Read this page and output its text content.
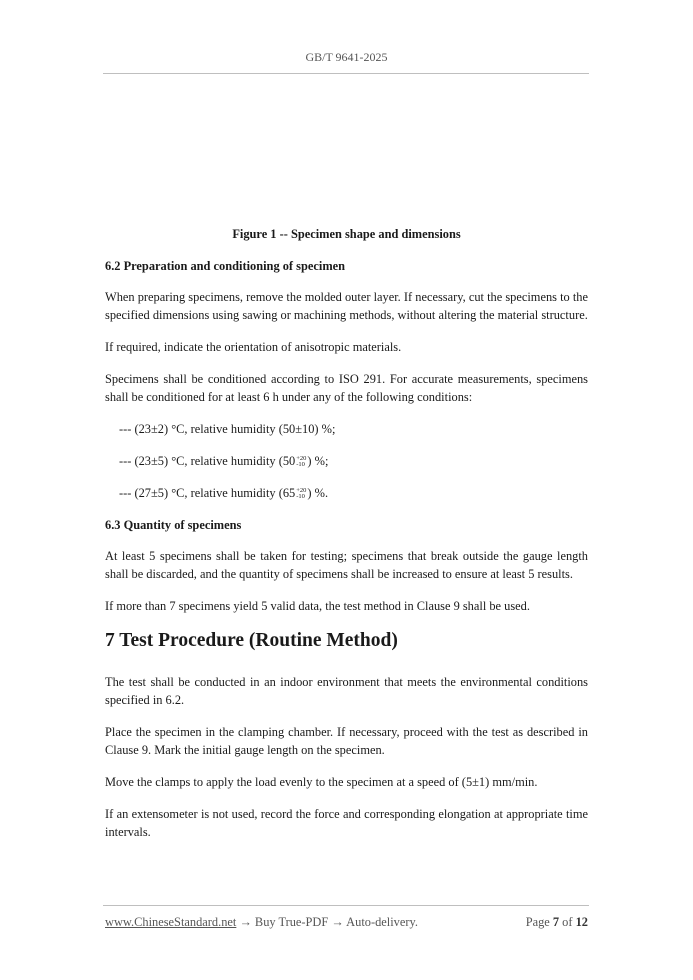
GB/T 9641-2025

Figure 1 -- Specimen shape and dimensions

6.2 Preparation and conditioning of specimen

When preparing specimens, remove the molded outer layer. If necessary, cut the specimens to the specified dimensions using sawing or machining methods, without altering the material structure.

If required, indicate the orientation of anisotropic materials.

Specimens shall be conditioned according to ISO 291. For accurate measurements, specimens shall be conditioned for at least 6 h under any of the following conditions:

--- (23±2) °C, relative humidity (50±10) %;

--- (23±5) °C, relative humidity (50 +20
-10 ) %;

--- (27±5) °C, relative humidity (65 +20
-10 ) %.

6.3 Quantity of specimens

At least 5 specimens shall be taken for testing; specimens that break outside the gauge length shall be discarded, and the quantity of specimens shall be increased to ensure at least 5 results.

If more than 7 specimens yield 5 valid data, the test method in Clause 9 shall be used.

7 Test Procedure (Routine Method)

The test shall be conducted in an indoor environment that meets the environmental conditions specified in 6.2.

Place the specimen in the clamping chamber. If necessary, proceed with the test as described in Clause 9. Mark the initial gauge length on the specimen.

Move the clamps to apply the load evenly to the specimen at a speed of (5±1) mm/min.

If an extensometer is not used, record the force and corresponding elongation at appropriate time intervals.

www.ChineseStandard.net → Buy True-PDF → Auto-delivery.	Page 7 of 12
